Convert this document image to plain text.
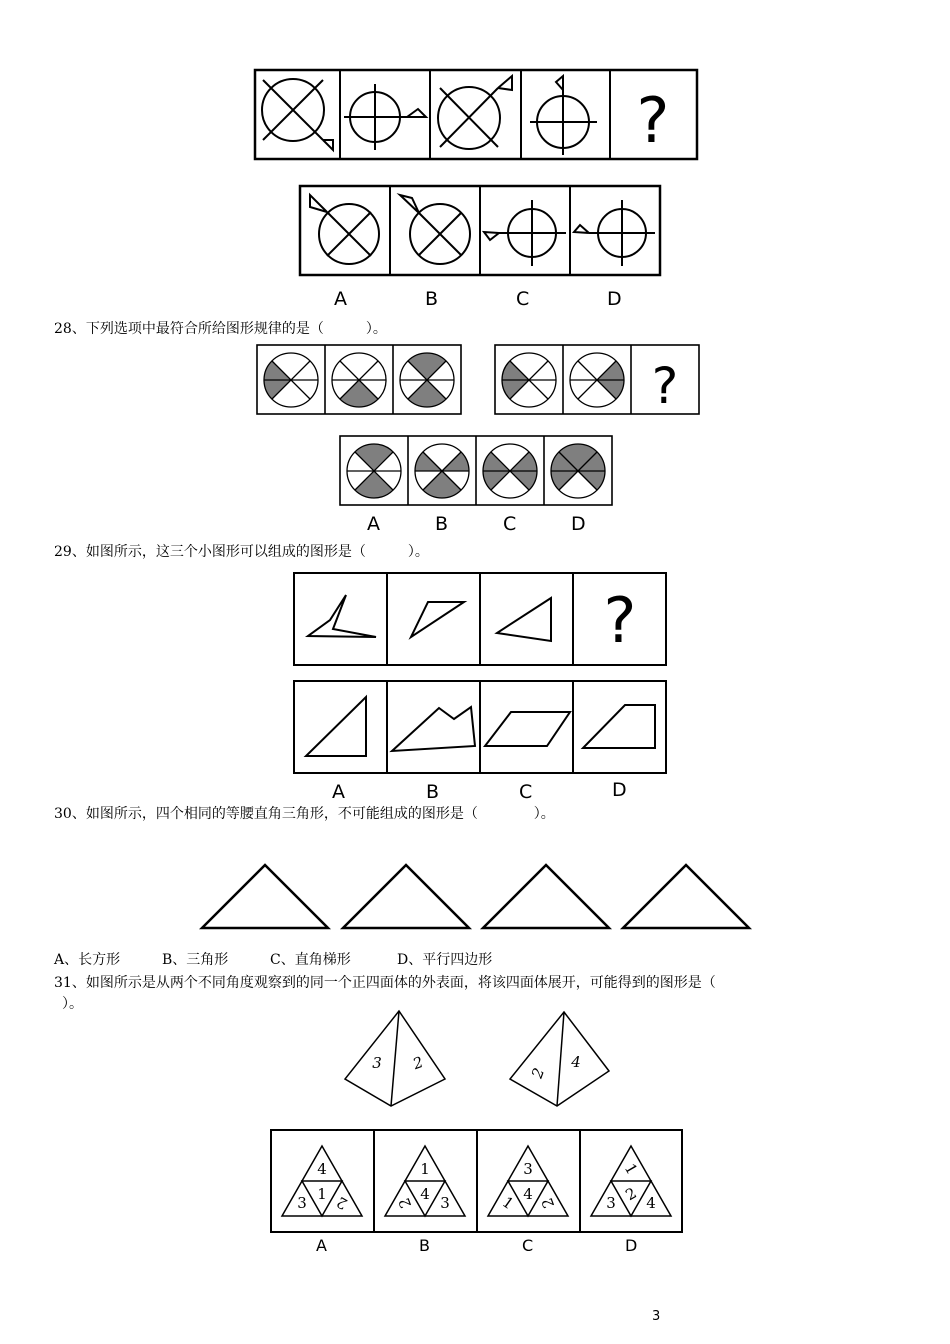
?
A	B	C	D
28、下列选项中最符合所给图形规律的是（　　　）。
?
A	B	C	D
29、如图所示，这三个小图形可以组成的图形是（　　　）。
?
A	B	C	D
30、如图所示，四个相同的等腰直角三角形，不可能组成的图形是（　　　　）。
A、长方形	B、三角形	C、直角梯形	D、平行四边形
31、如图所示是从两个不同角度观察到的同一个正四面体的外表面，将该四面体展开，可能得到的图形是（
）。
3 2	2
4
4
1
3 2
1
4
2 3
3
4
1 2
1
2
3 4
A	B	C	D
3
